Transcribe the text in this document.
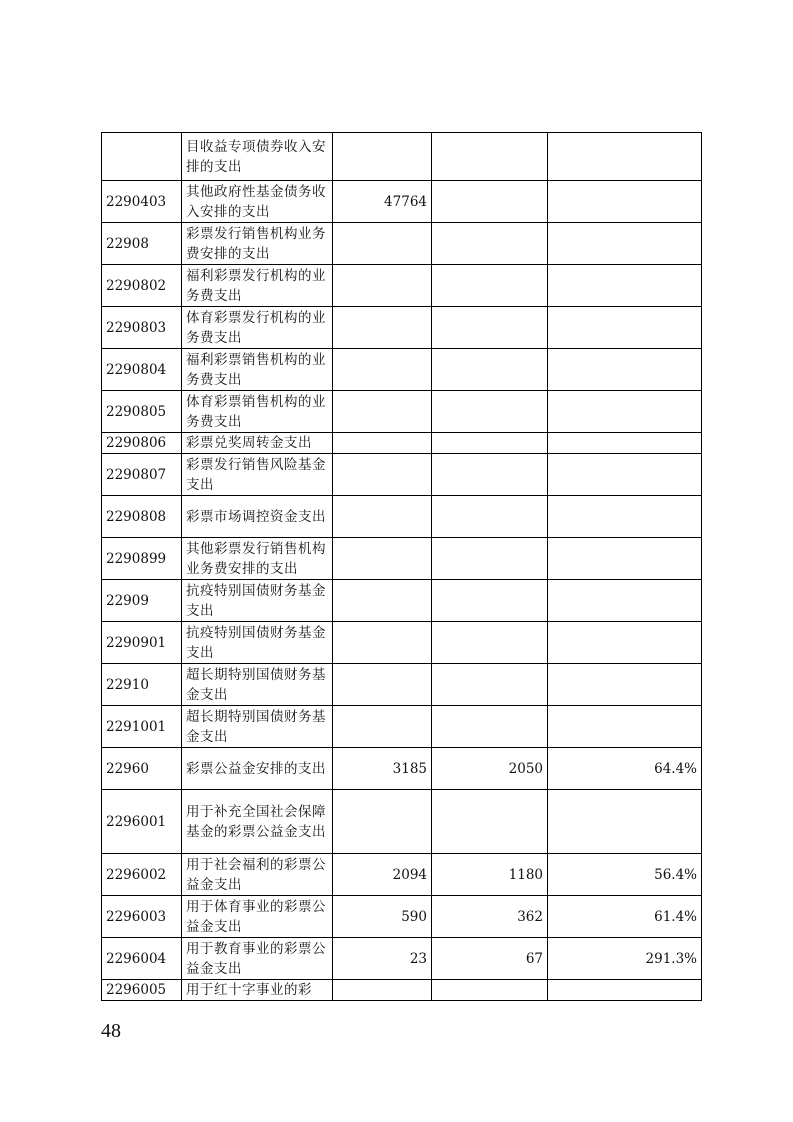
	目收益专项债券收入安排的支出			
2290403	其他政府性基金债务收入安排的支出	47764		
22908	彩票发行销售机构业务费安排的支出			
2290802	福利彩票发行机构的业务费支出			
2290803	体育彩票发行机构的业务费支出			
2290804	福利彩票销售机构的业务费支出			
2290805	体育彩票销售机构的业务费支出			
2290806	彩票兑奖周转金支出			
2290807	彩票发行销售风险基金支出			
2290808	彩票市场调控资金支出			
2290899	其他彩票发行销售机构业务费安排的支出			
22909	抗疫特别国债财务基金支出			
2290901	抗疫特别国债财务基金支出			
22910	超长期特别国债财务基金支出			
2291001	超长期特别国债财务基金支出			
22960	彩票公益金安排的支出	3185	2050	64.4%
2296001	用于补充全国社会保障基金的彩票公益金支出			
2296002	用于社会福利的彩票公益金支出	2094	1180	56.4%
2296003	用于体育事业的彩票公益金支出	590	362	61.4%
2296004	用于教育事业的彩票公益金支出	23	67	291.3%
2296005	用于红十字事业的彩			
48
